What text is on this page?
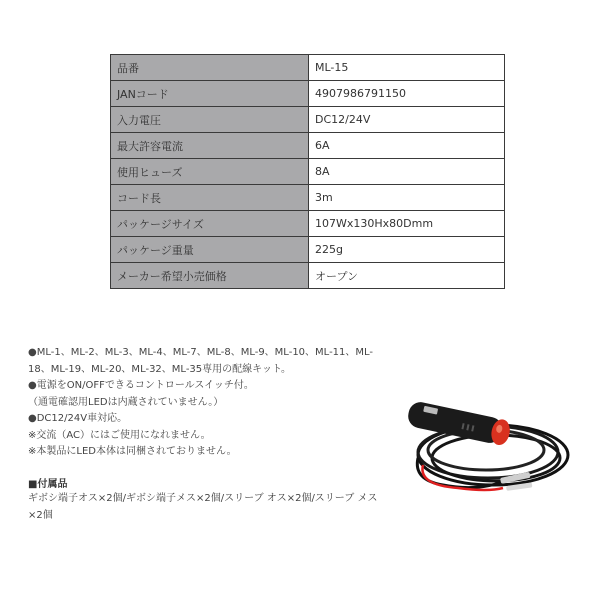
品番	ML-15
JANコード	4907986791150
入力電圧	DC12/24V
最大許容電流	6A
使用ヒューズ	8A
コード長	3m
パッケージサイズ	107Wx130Hx80Dmm
パッケージ重量	225g
メーカー希望小売価格	オープン

●ML-1、ML-2、ML-3、ML-4、ML-7、ML-8、ML-9、ML-10、ML-11、ML-

18、ML-19、ML-20、ML-32、ML-35専用の配線キット。

●電源をON/OFFできるコントロールスイッチ付。

（通電確認用LEDは内蔵されていません。）

●DC12/24V車対応。

※交流（AC）にはご使用になれません。

※本製品にLED本体は同梱されておりません。

■付属品
ギボシ端子オス×2個/ギボシ端子メス×2個/スリーブ オス×2個/スリーブ メス
×2個
